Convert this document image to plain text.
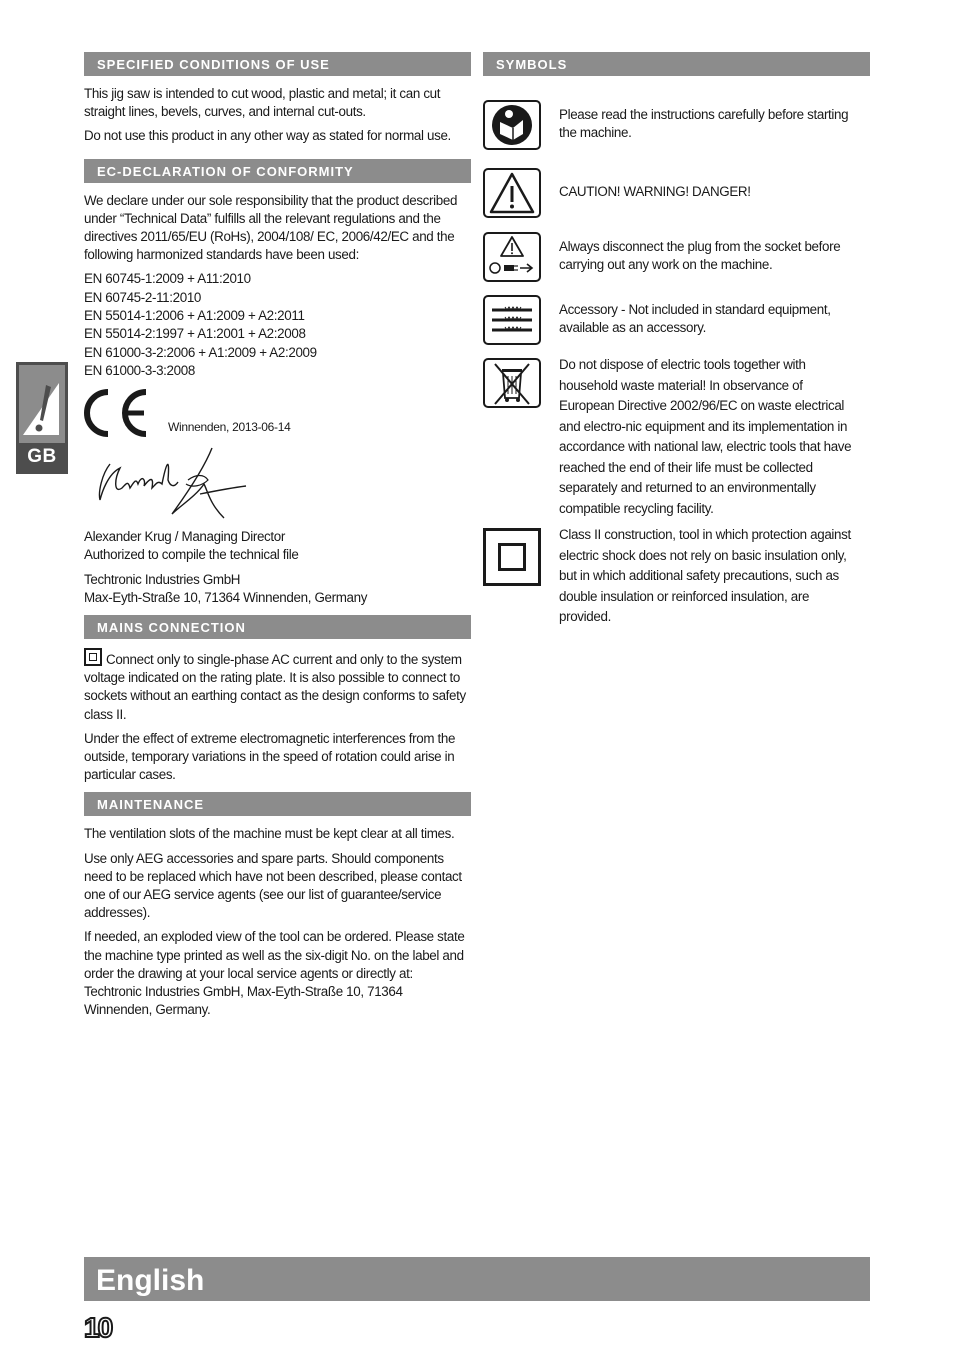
GB
SPECIFIED CONDITIONS OF USE

This jig saw is intended to cut wood, plastic and metal; it can cut straight lines, bevels, curves, and internal cut-outs.

Do not use this product in any other way as stated for normal use.

EC-DECLARATION OF CONFORMITY

We declare under our sole responsibility that the product described under “Technical Data” fulfills all the relevant regulations and the directives 2011/65/EU (RoHs), 2004/108/ EC, 2006/42/EC and the following harmonized standards have been used:

EN 60745-1:2009 + A11:2010

EN 60745-2-11:2010

EN 55014-1:2006 + A1:2009 + A2:2011

EN 55014-2:1997 + A1:2001 + A2:2008

EN 61000-3-2:2006 + A1:2009 + A2:2009

EN 61000-3-3:2008

Winnenden, 2013-06-14

Alexander Krug / Managing Director

Authorized to compile the technical file

Techtronic Industries GmbH

Max-Eyth-Straße 10, 71364 Winnenden, Germany

MAINS CONNECTION

Connect only to single-phase AC current and only to the system voltage indicated on the rating plate. It is also possible to connect to sockets without an earthing contact as the design conforms to safety class II.

Under the effect of extreme electromagnetic interferences from the outside, temporary variations in the speed of rotation could arise in particular cases.

MAINTENANCE

The ventilation slots of the machine must be kept clear at all times.

Use only AEG accessories and spare parts. Should components need to be replaced which have not been described, please contact one of our AEG service agents (see our list of guarantee/service addresses).

If needed, an exploded view of the tool can be ordered. Please state the machine type printed as well as the six-digit No. on the label and order the drawing at your local service agents or directly at: Techtronic Industries GmbH, Max-Eyth-Straße 10, 71364 Winnenden, Germany.

SYMBOLS

Please read the instructions carefully before starting the machine.

CAUTION! WARNING! DANGER!

Always disconnect the plug from the socket before carrying out any work on the machine.

Accessory - Not included in standard equipment, available as an accessory.

Do not dispose of electric tools together with household waste material! In observance of European Directive 2002/96/EC on waste electrical and electro-nic equipment and its implementation in accordance with national law, electric tools that have reached the end of their life must be collected separately and returned to an environmentally compatible recycling facility.

Class II construction, tool in which protection against electric shock does not rely on basic insulation only, but in which additional safety precautions, such as double insulation or reinforced insulation, are provided.

English
10
